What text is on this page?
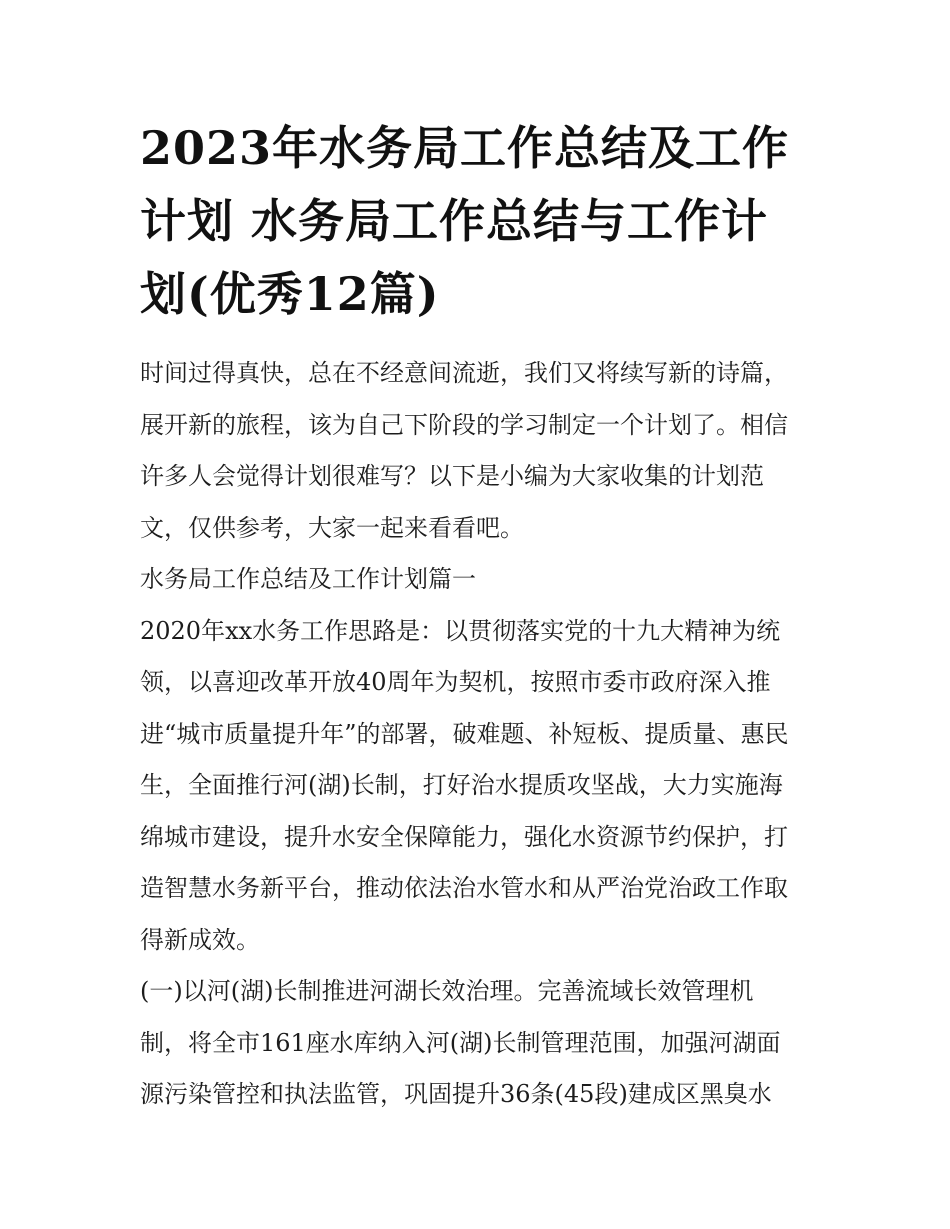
2023年水务局工作总结及工作
计划 水务局工作总结与工作计
划(优秀12篇)

时间过得真快，总在不经意间流逝，我们又将续写新的诗篇，
展开新的旅程，该为自己下阶段的学习制定一个计划了。相信
许多人会觉得计划很难写？以下是小编为大家收集的计划范
文，仅供参考，大家一起来看看吧。

水务局工作总结及工作计划篇一

2020年xx水务工作思路是：以贯彻落实党的十九大精神为统
领，以喜迎改革开放40周年为契机，按照市委市政府深入推
进“城市质量提升年”的部署，破难题、补短板、提质量、惠民
生，全面推行河(湖)长制，打好治水提质攻坚战，大力实施海
绵城市建设，提升水安全保障能力，强化水资源节约保护，打
造智慧水务新平台，推动依法治水管水和从严治党治政工作取
得新成效。

(一)以河(湖)长制推进河湖长效治理。完善流域长效管理机
制，将全市161座水库纳入河(湖)长制管理范围，加强河湖面
源污染管控和执法监管，巩固提升36条(45段)建成区黑臭水
